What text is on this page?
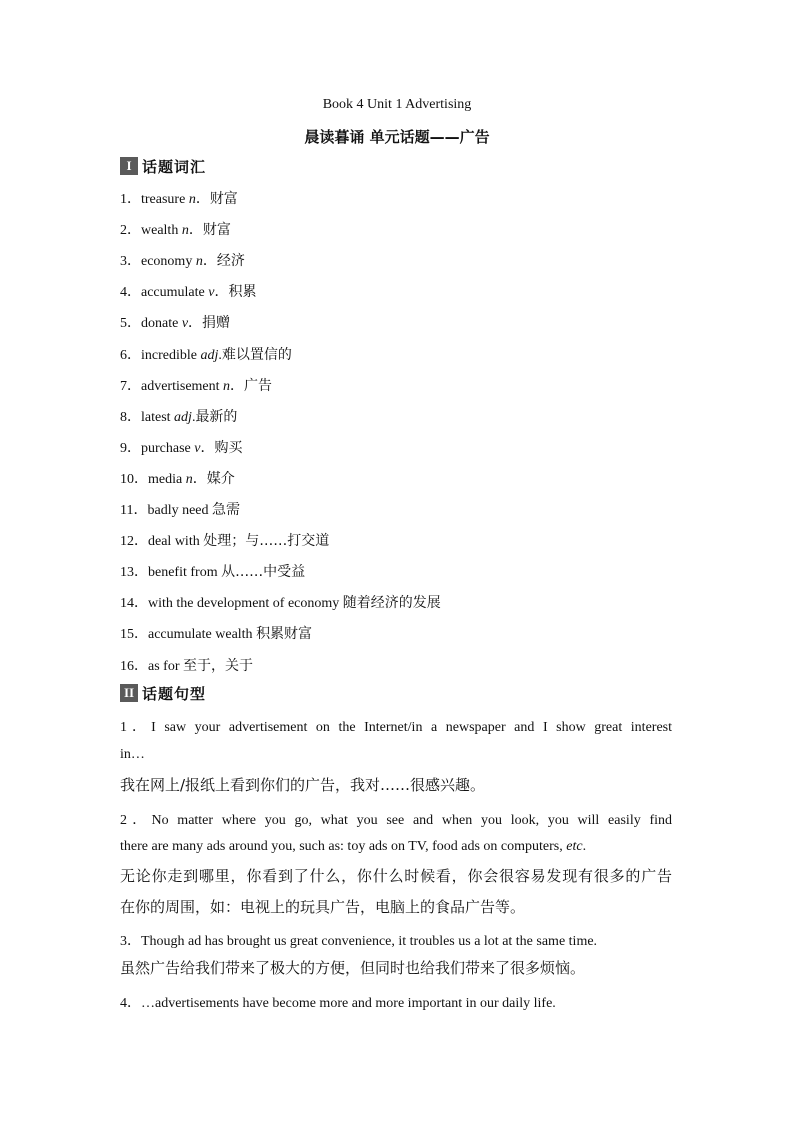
Book 4 Unit 1 Advertising
晨读暮诵 单元话题——广告
I 话题词汇
1．treasure n．财富
2．wealth n．财富
3．economy n．经济
4．accumulate v．积累
5．donate v．捐赠
6．incredible adj.难以置信的
7．advertisement n．广告
8．latest adj.最新的
9．purchase v．购买
10．media n．媒介
11．badly need 急需
12．deal with 处理；与……打交道
13．benefit from 从……中受益
14．with the development of economy 随着经济的发展
15．accumulate wealth 积累财富
16．as for 至于，关于
II 话题句型
1．I saw your advertisement on the Internet/in a newspaper and I show great interest
in…
我在网上/报纸上看到你们的广告，我对……很感兴趣。
2．No matter where you go, what you see and when you look, you will easily find
there are many ads around you, such as: toy ads on TV, food ads on computers, etc.
无论你走到哪里，你看到了什么，你什么时候看，你会很容易发现有很多的广告
在你的周围，如：电视上的玩具广告，电脑上的食品广告等。
3．Though ad has brought us great convenience, it troubles us a lot at the same time.
虽然广告给我们带来了极大的方便，但同时也给我们带来了很多烦恼。
4．…advertisements have become more and more important in our daily life.
